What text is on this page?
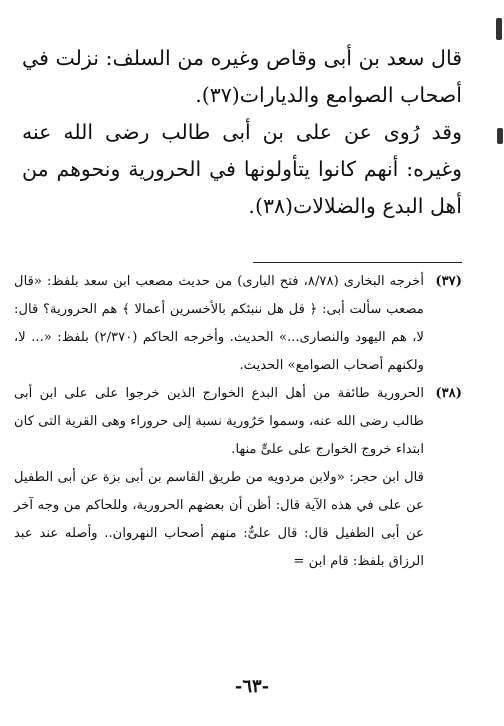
قال سعد بن أبى وقاص وغيره من السلف: نزلت في أصحاب الصوامع والديارات(٣٧).

وقد رُوى عن على بن أبى طالب رضى الله عنه وغيره: أنهم كانوا يتأولونها في الحرورية ونحوهم من أهل البدع والضلالات(٣٨).

(٣٧)

أخرجه البخارى (٨/٧٨، فتح البارى) من حديث مصعب ابن سعد بلفظ: «قال مصعب سألت أبى: ﴿ قل هل ننبئكم بالأخسرين أعمالا ﴾ هم الحرورية؟ قال: لا، هم اليهود والنصارى...» الحديث. وأخرجه الحاكم (٢/٣٧٠) بلفظ: «... لا، ولكنهم أصحاب الصوامع» الحديث.

(٣٨)

الحرورية طائفة من أهل البدع الخوارج الذين خرجوا على على ابن أبى طالب رضى الله عنه، وسموا حَرُورية نسبة إلى حروراء وهى القرية التى كان ابتداء خروج الخوارج على علىٍّ منها.

قال ابن حجر: «ولابن مردويه من طريق القاسم بن أبى بزة عن أبى الطفيل عن على في هذه الآية قال: أظن أن بعضهم الحرورية، وللحاكم من وجه آخر عن أبى الطفيل قال: قال علىٌّ: منهم أصحاب النهروان.. وأصله عند عبد الرزاق بلفظ: قام ابن =

-٦٣-
